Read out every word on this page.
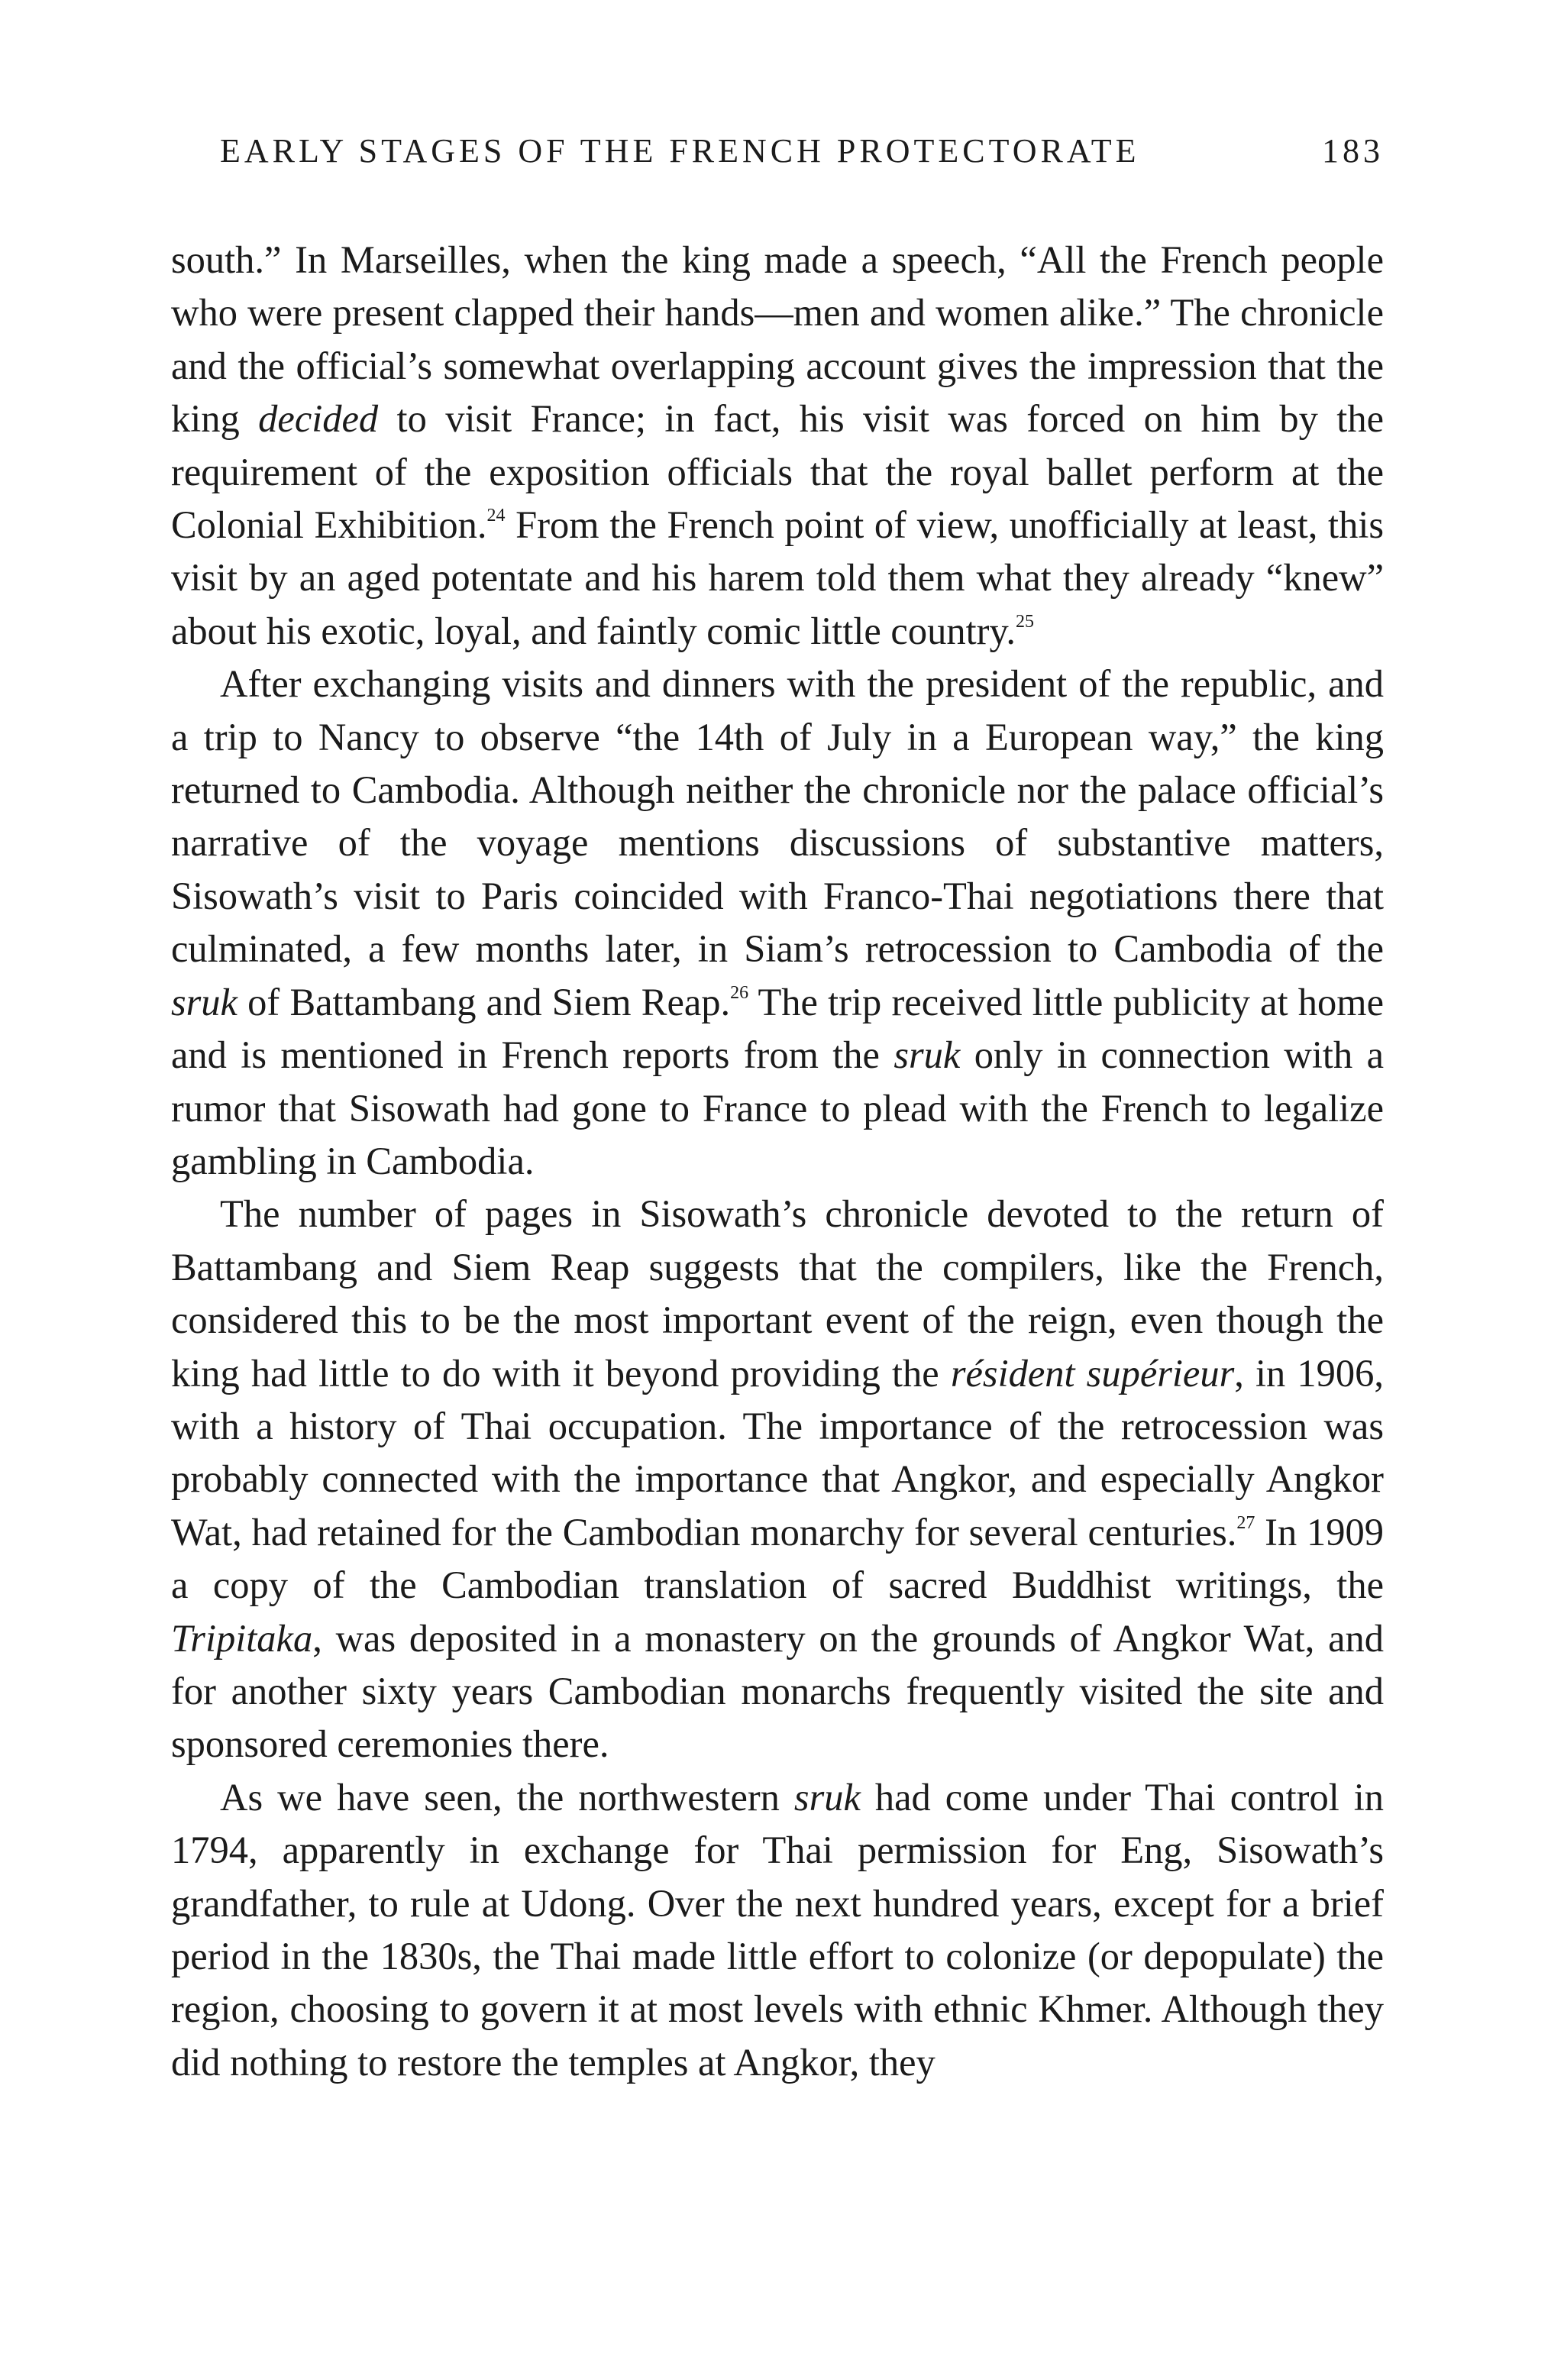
EARLY STAGES OF THE FRENCH PROTECTORATE	183

south.” In Marseilles, when the king made a speech, “All the French people who were present clapped their hands—men and women alike.” The chronicle and the official’s somewhat overlapping account gives the impression that the king decided to visit France; in fact, his visit was forced on him by the requirement of the exposition officials that the royal ballet perform at the Colonial Exhibition.$^{24}$ From the French point of view, unofficially at least, this visit by an aged potentate and his harem told them what they already “knew” about his exotic, loyal, and faintly comic little country.$^{25}$

After exchanging visits and dinners with the president of the republic, and a trip to Nancy to observe “the 14th of July in a European way,” the king returned to Cambodia. Although neither the chronicle nor the palace official’s narrative of the voyage mentions discussions of substantive matters, Sisowath’s visit to Paris coincided with Franco-Thai negotiations there that culminated, a few months later, in Siam’s retrocession to Cambodia of the sruk of Battambang and Siem Reap.$^{26}$ The trip received little publicity at home and is mentioned in French reports from the sruk only in connection with a rumor that Sisowath had gone to France to plead with the French to legalize gambling in Cambodia.

The number of pages in Sisowath’s chronicle devoted to the return of Battambang and Siem Reap suggests that the compilers, like the French, considered this to be the most important event of the reign, even though the king had little to do with it beyond providing the résident supérieur, in 1906, with a history of Thai occupation. The importance of the retrocession was probably connected with the importance that Angkor, and especially Angkor Wat, had retained for the Cambodian monarchy for several centuries.$^{27}$ In 1909 a copy of the Cambodian translation of sacred Buddhist writings, the Tripitaka, was deposited in a monastery on the grounds of Angkor Wat, and for another sixty years Cambodian monarchs frequently visited the site and sponsored ceremonies there.

As we have seen, the northwestern sruk had come under Thai control in 1794, apparently in exchange for Thai permission for Eng, Sisowath’s grandfather, to rule at Udong. Over the next hundred years, except for a brief period in the 1830s, the Thai made little effort to colonize (or depopulate) the region, choosing to govern it at most levels with ethnic Khmer. Although they did nothing to restore the temples at Angkor, they
